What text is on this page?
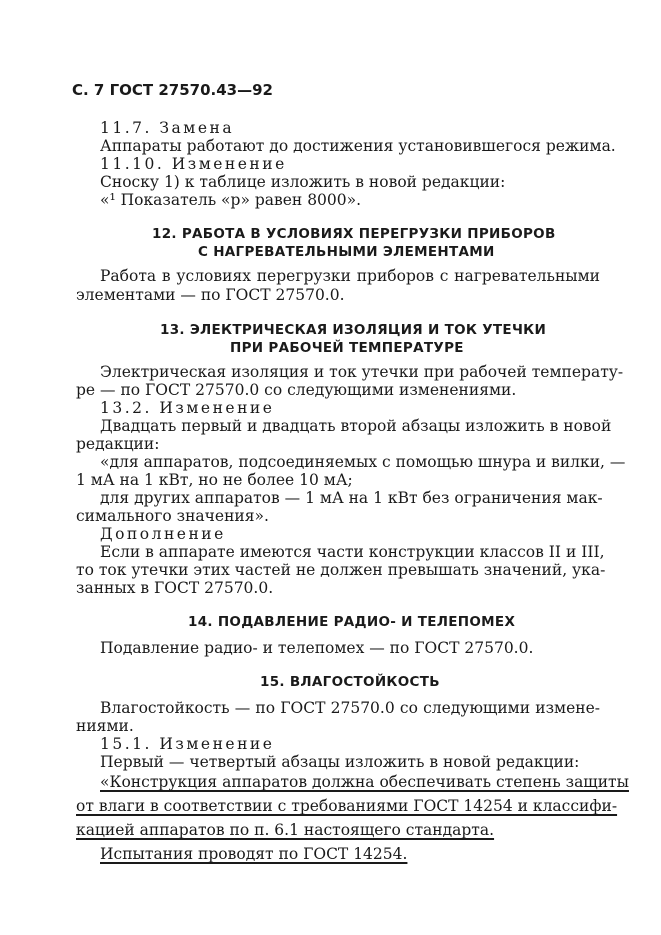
С. 7 ГОСТ 27570.43—92
11.7. Замена
Аппараты работают до достижения установившегося режима.
11.10. Изменение
Сноску 1) к таблице изложить в новой редакции:
«¹ Показатель «р» равен 8000».
12. РАБОТА В УСЛОВИЯХ ПЕРЕГРУЗКИ ПРИБОРОВ
С НАГРЕВАТЕЛЬНЫМИ ЭЛЕМЕНТАМИ
Работа в условиях перегрузки приборов с нагревательными
элементами — по ГОСТ 27570.0.
13. ЭЛЕКТРИЧЕСКАЯ ИЗОЛЯЦИЯ И ТОК УТЕЧКИ
ПРИ РАБОЧЕЙ ТЕМПЕРАТУРЕ
Электрическая изоляция и ток утечки при рабочей температу-
ре — по ГОСТ 27570.0 со следующими изменениями.
13.2. Изменение
Двадцать первый и двадцать второй абзацы изложить в новой
редакции:
«для аппаратов, подсоединяемых с помощью шнура и вилки, —
1 мА на 1 кВт, но не более 10 мА;
для других аппаратов — 1 мА на 1 кВт без ограничения мак-
симального значения».
Дополнение
Если в аппарате имеются части конструкции классов II и III,
то ток утечки этих частей не должен превышать значений, ука-
занных в ГОСТ 27570.0.
14. ПОДАВЛЕНИЕ РАДИО- И ТЕЛЕПОМЕХ
Подавление радио- и телепомех — по ГОСТ 27570.0.
15. ВЛАГОСТОЙКОСТЬ
Влагостойкость — по ГОСТ 27570.0 со следующими измене-
ниями.
15.1. Изменение
Первый — четвертый абзацы изложить в новой редакции:
«Конструкция аппаратов должна обеспечивать степень защиты
от влаги в соответствии с требованиями ГОСТ 14254 и классифи-
кацией аппаратов по п. 6.1 настоящего стандарта.
Испытания проводят по ГОСТ 14254.
